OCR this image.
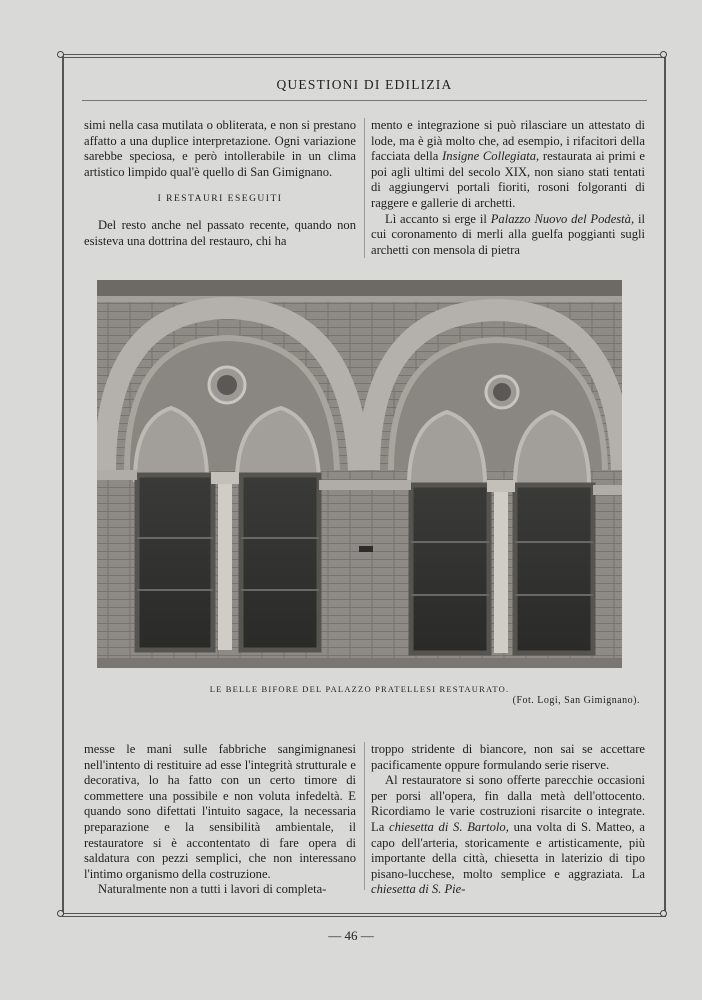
QUESTIONI DI EDILIZIA

simi nella casa mutilata o obliterata, e non si prestano affatto a una duplice interpretazione. Ogni variazione sarebbe speciosa, e però intollerabile in un clima artistico limpido qual'è quello di San Gimignano.

I RESTAURI ESEGUITI

Del resto anche nel passato recente, quando non esisteva una dottrina del restauro, chi ha

mento e integrazione si può rilasciare un attestato di lode, ma è già molto che, ad esempio, i rifacitori della facciata della Insigne Collegiata, restaurata ai primi e poi agli ultimi del secolo XIX, non siano stati tentati di aggiungervi portali fioriti, rosoni folgoranti di raggere e gallerie di archetti.

Lì accanto si erge il Palazzo Nuovo del Podestà, il cui coronamento di merli alla guelfa poggianti sugli archetti con mensola di pietra

LE BELLE BIFORE DEL PALAZZO PRATELLESI RESTAURATO.
(Fot. Logi, San Gimignano).

messe le mani sulle fabbriche sangimignanesi nell'intento di restituire ad esse l'integrità strutturale e decorativa, lo ha fatto con un certo timore di commettere una possibile e non voluta infedeltà. E quando sono difettati l'intuito sagace, la necessaria preparazione e la sensibilità ambientale, il restauratore si è accontentato di fare opera di saldatura con pezzi semplici, che non interessano l'intimo organismo della costruzione.

Naturalmente non a tutti i lavori di completa-

troppo stridente di biancore, non sai se accettare pacificamente oppure formulando serie riserve.

Al restauratore si sono offerte parecchie occasioni per porsi all'opera, fin dalla metà dell'ottocento. Ricordiamo le varie costruzioni risarcite o integrate. La chiesetta di S. Bartolo, una volta di S. Matteo, a capo dell'arteria, storicamente e artisticamente, più importante della città, chiesetta in laterizio di tipo pisano-lucchese, molto semplice e aggraziata. La chiesetta di S. Pie-

— 46 —
